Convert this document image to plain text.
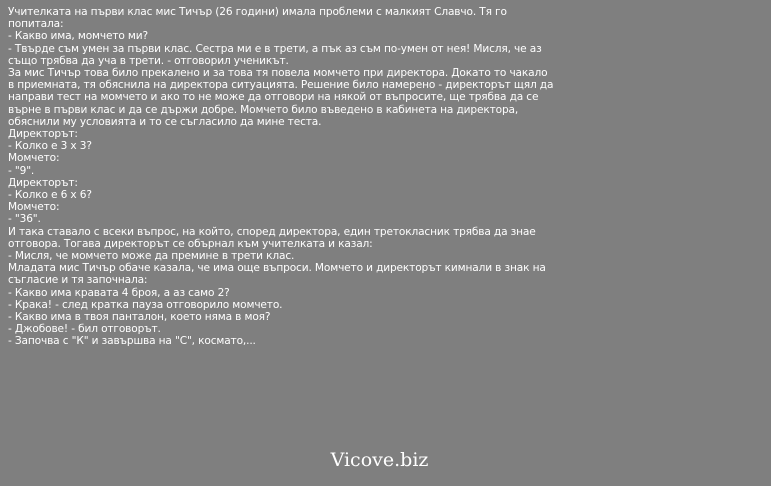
Учителката на първи клас мис Тичър (26 години) имала проблеми с малкият Славчо. Тя го
попитала:
- Какво има, момчето ми?
- Твърде съм умен за първи клас. Сестра ми е в трети, а пък аз съм по-умен от нея! Мисля, че аз
също трябва да уча в трети. - отговорил ученикът.
За мис Тичър това било прекалено и за това тя повела момчето при директора. Докато то чакало
в приемната, тя обяснила на директора ситуацията. Решение било намерено - директорът щял да
направи тест на момчето и ако то не може да отговори на някой от въпросите, ще трябва да се
върне в първи клас и да се държи добре. Момчето било въведено в кабинета на директора,
обяснили му условията и то се съгласило да мине теста.
Директорът:
- Колко е 3 х 3?
Момчето:
- "9".
Директорът:
- Колко е 6 х 6?
Момчето:
- "36".
И така ставало с всеки въпрос, на който, според директора, един третокласник трябва да знае
отговора. Тогава директорът се обърнал към учителката и казал:
- Мисля, че момчето може да премине в трети клас.
Младата мис Тичър обаче казала, че има още въпроси. Момчето и директорът кимнали в знак на
съгласие и тя започнала:
- Какво има кравата 4 броя, а аз само 2?
- Крака! - след кратка пауза отговорило момчето.
- Какво има в твоя панталон, което няма в моя?
- Джобове! - бил отговорът.
- Започва с "К" и завършва на "С", космато,...
Vicove.biz
